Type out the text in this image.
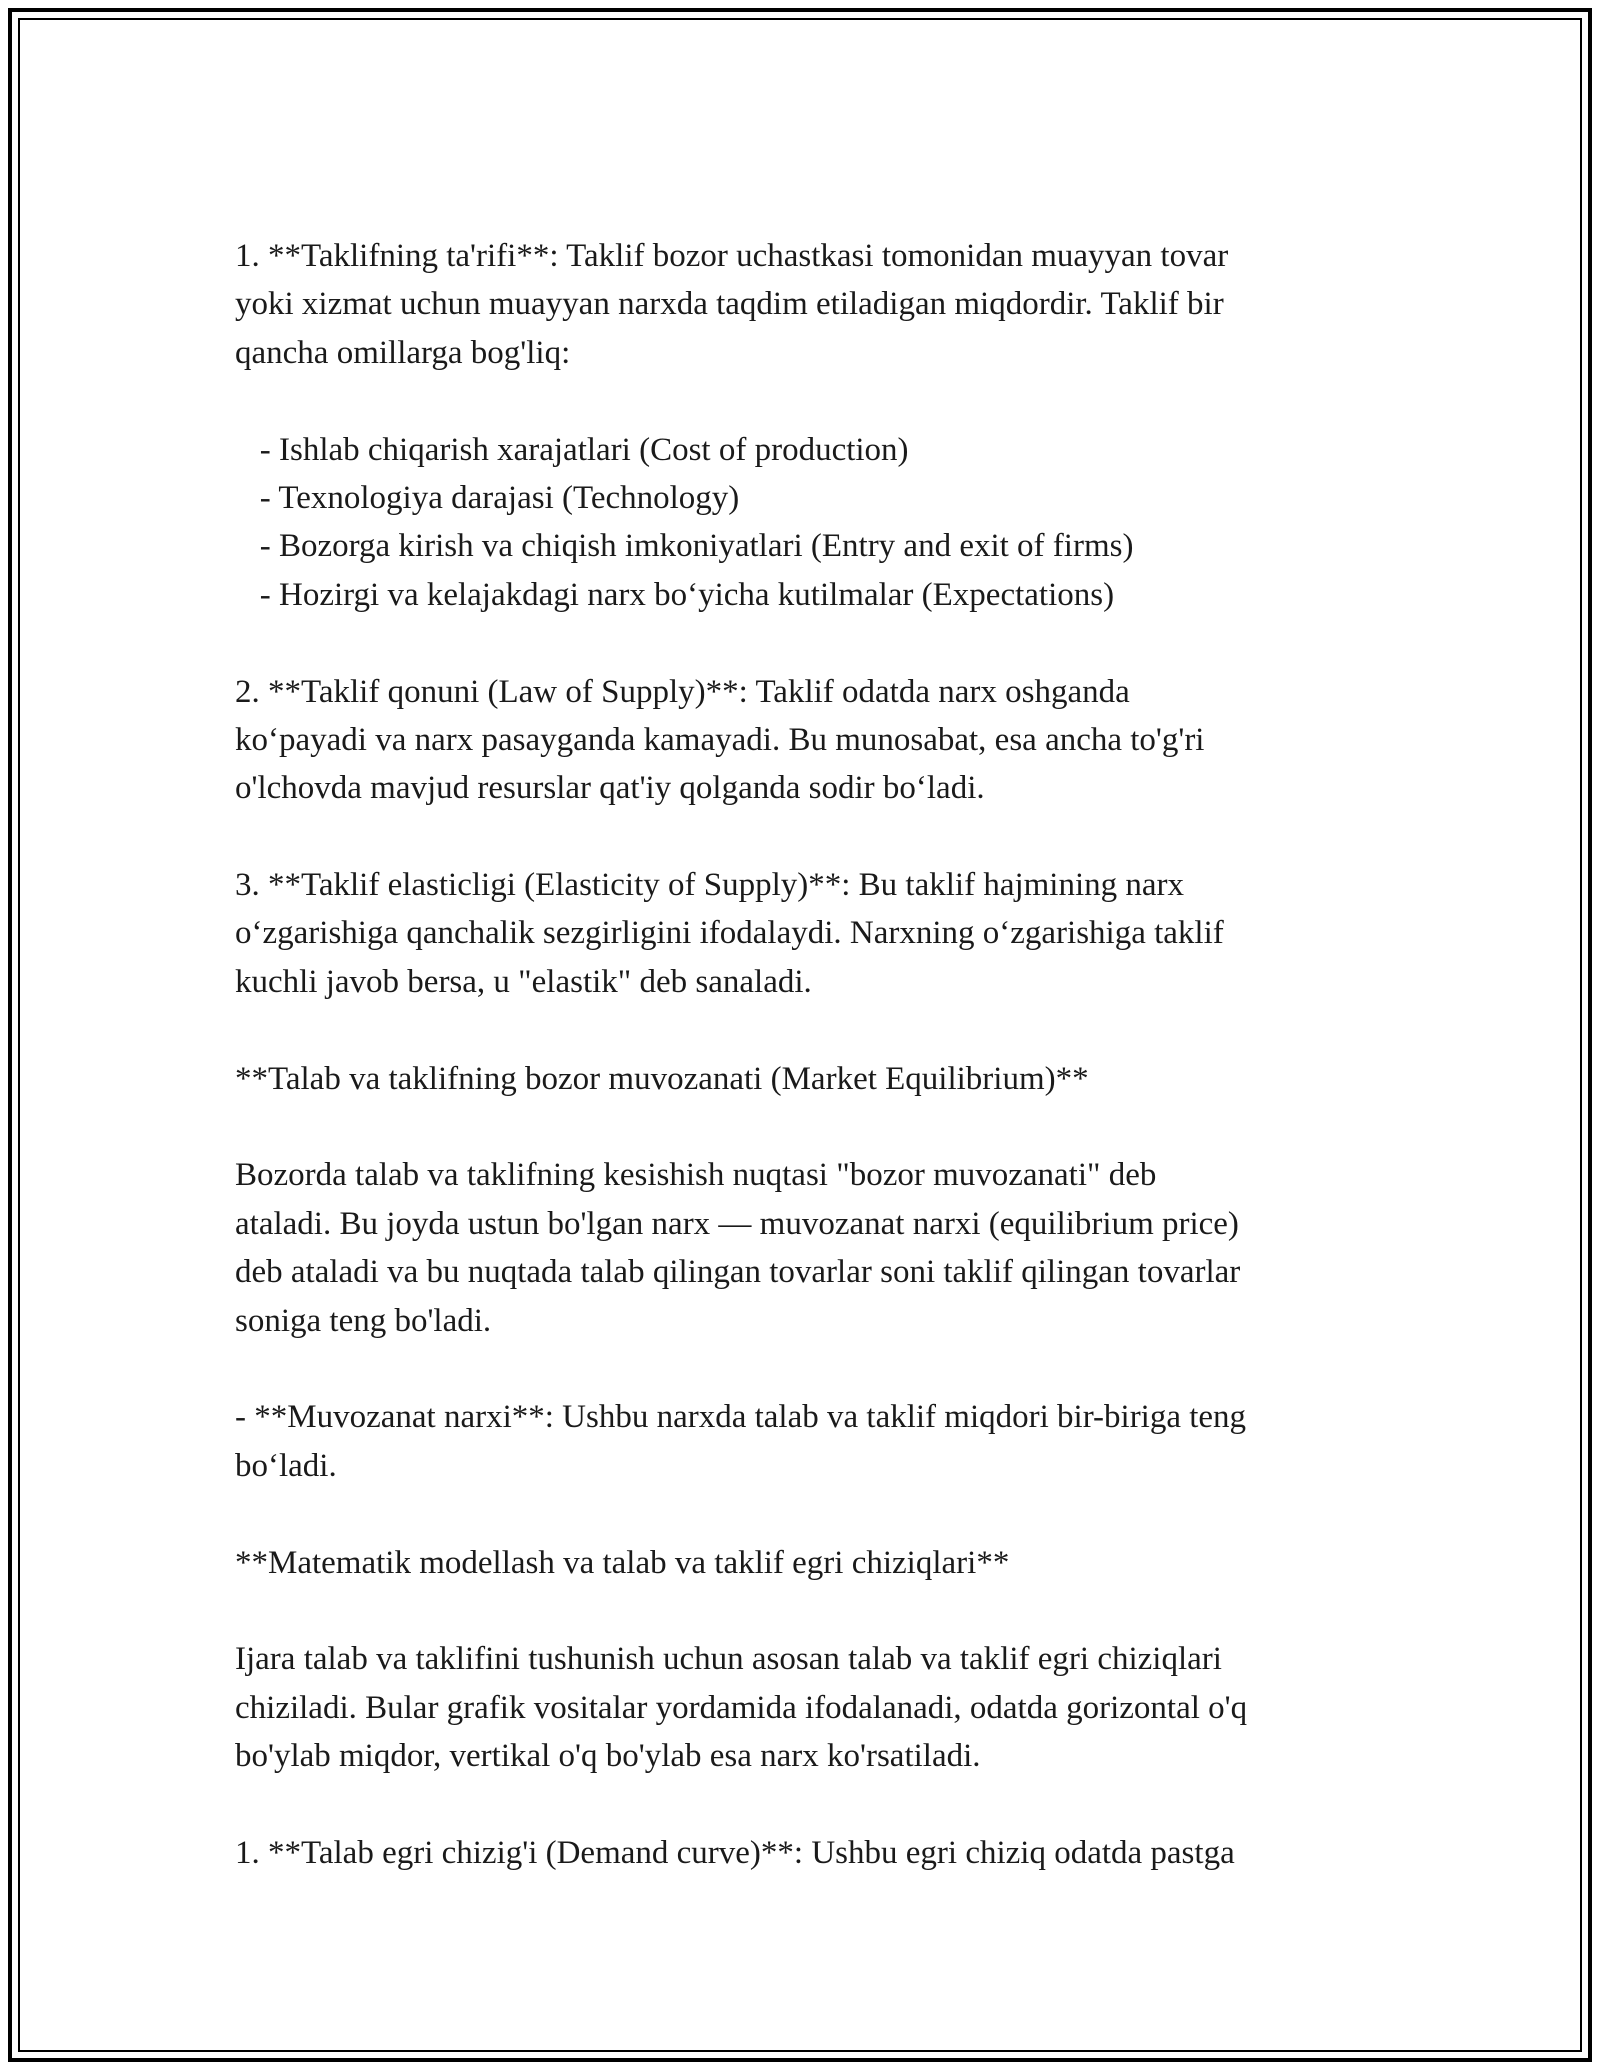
1. **Taklifning ta'rifi**: Taklif bozor uchastkasi tomonidan muayyan tovar
yoki xizmat uchun muayyan narxda taqdim etiladigan miqdordir. Taklif bir
qancha omillarga bog'liq:
- Ishlab chiqarish xarajatlari (Cost of production)
- Texnologiya darajasi (Technology)
- Bozorga kirish va chiqish imkoniyatlari (Entry and exit of firms)
- Hozirgi va kelajakdagi narx bo‘yicha kutilmalar (Expectations)
2. **Taklif qonuni (Law of Supply)**: Taklif odatda narx oshganda
ko‘payadi va narx pasayganda kamayadi. Bu munosabat, esa ancha to'g'ri
o'lchovda mavjud resurslar qat'iy qolganda sodir bo‘ladi.
3. **Taklif elasticligi (Elasticity of Supply)**: Bu taklif hajmining narx
o‘zgarishiga qanchalik sezgirligini ifodalaydi. Narxning o‘zgarishiga taklif
kuchli javob bersa, u "elastik" deb sanaladi.
**Talab va taklifning bozor muvozanati (Market Equilibrium)**
Bozorda talab va taklifning kesishish nuqtasi "bozor muvozanati" deb
ataladi. Bu joyda ustun bo'lgan narx — muvozanat narxi (equilibrium price)
deb ataladi va bu nuqtada talab qilingan tovarlar soni taklif qilingan tovarlar
soniga teng bo'ladi.
- **Muvozanat narxi**: Ushbu narxda talab va taklif miqdori bir-biriga teng
bo‘ladi.
**Matematik modellash va talab va taklif egri chiziqlari**
Ijara talab va taklifini tushunish uchun asosan talab va taklif egri chiziqlari
chiziladi. Bular grafik vositalar yordamida ifodalanadi, odatda gorizontal o'q
bo'ylab miqdor, vertikal o'q bo'ylab esa narx ko'rsatiladi.
1. **Talab egri chizig'i (Demand curve)**: Ushbu egri chiziq odatda pastga
